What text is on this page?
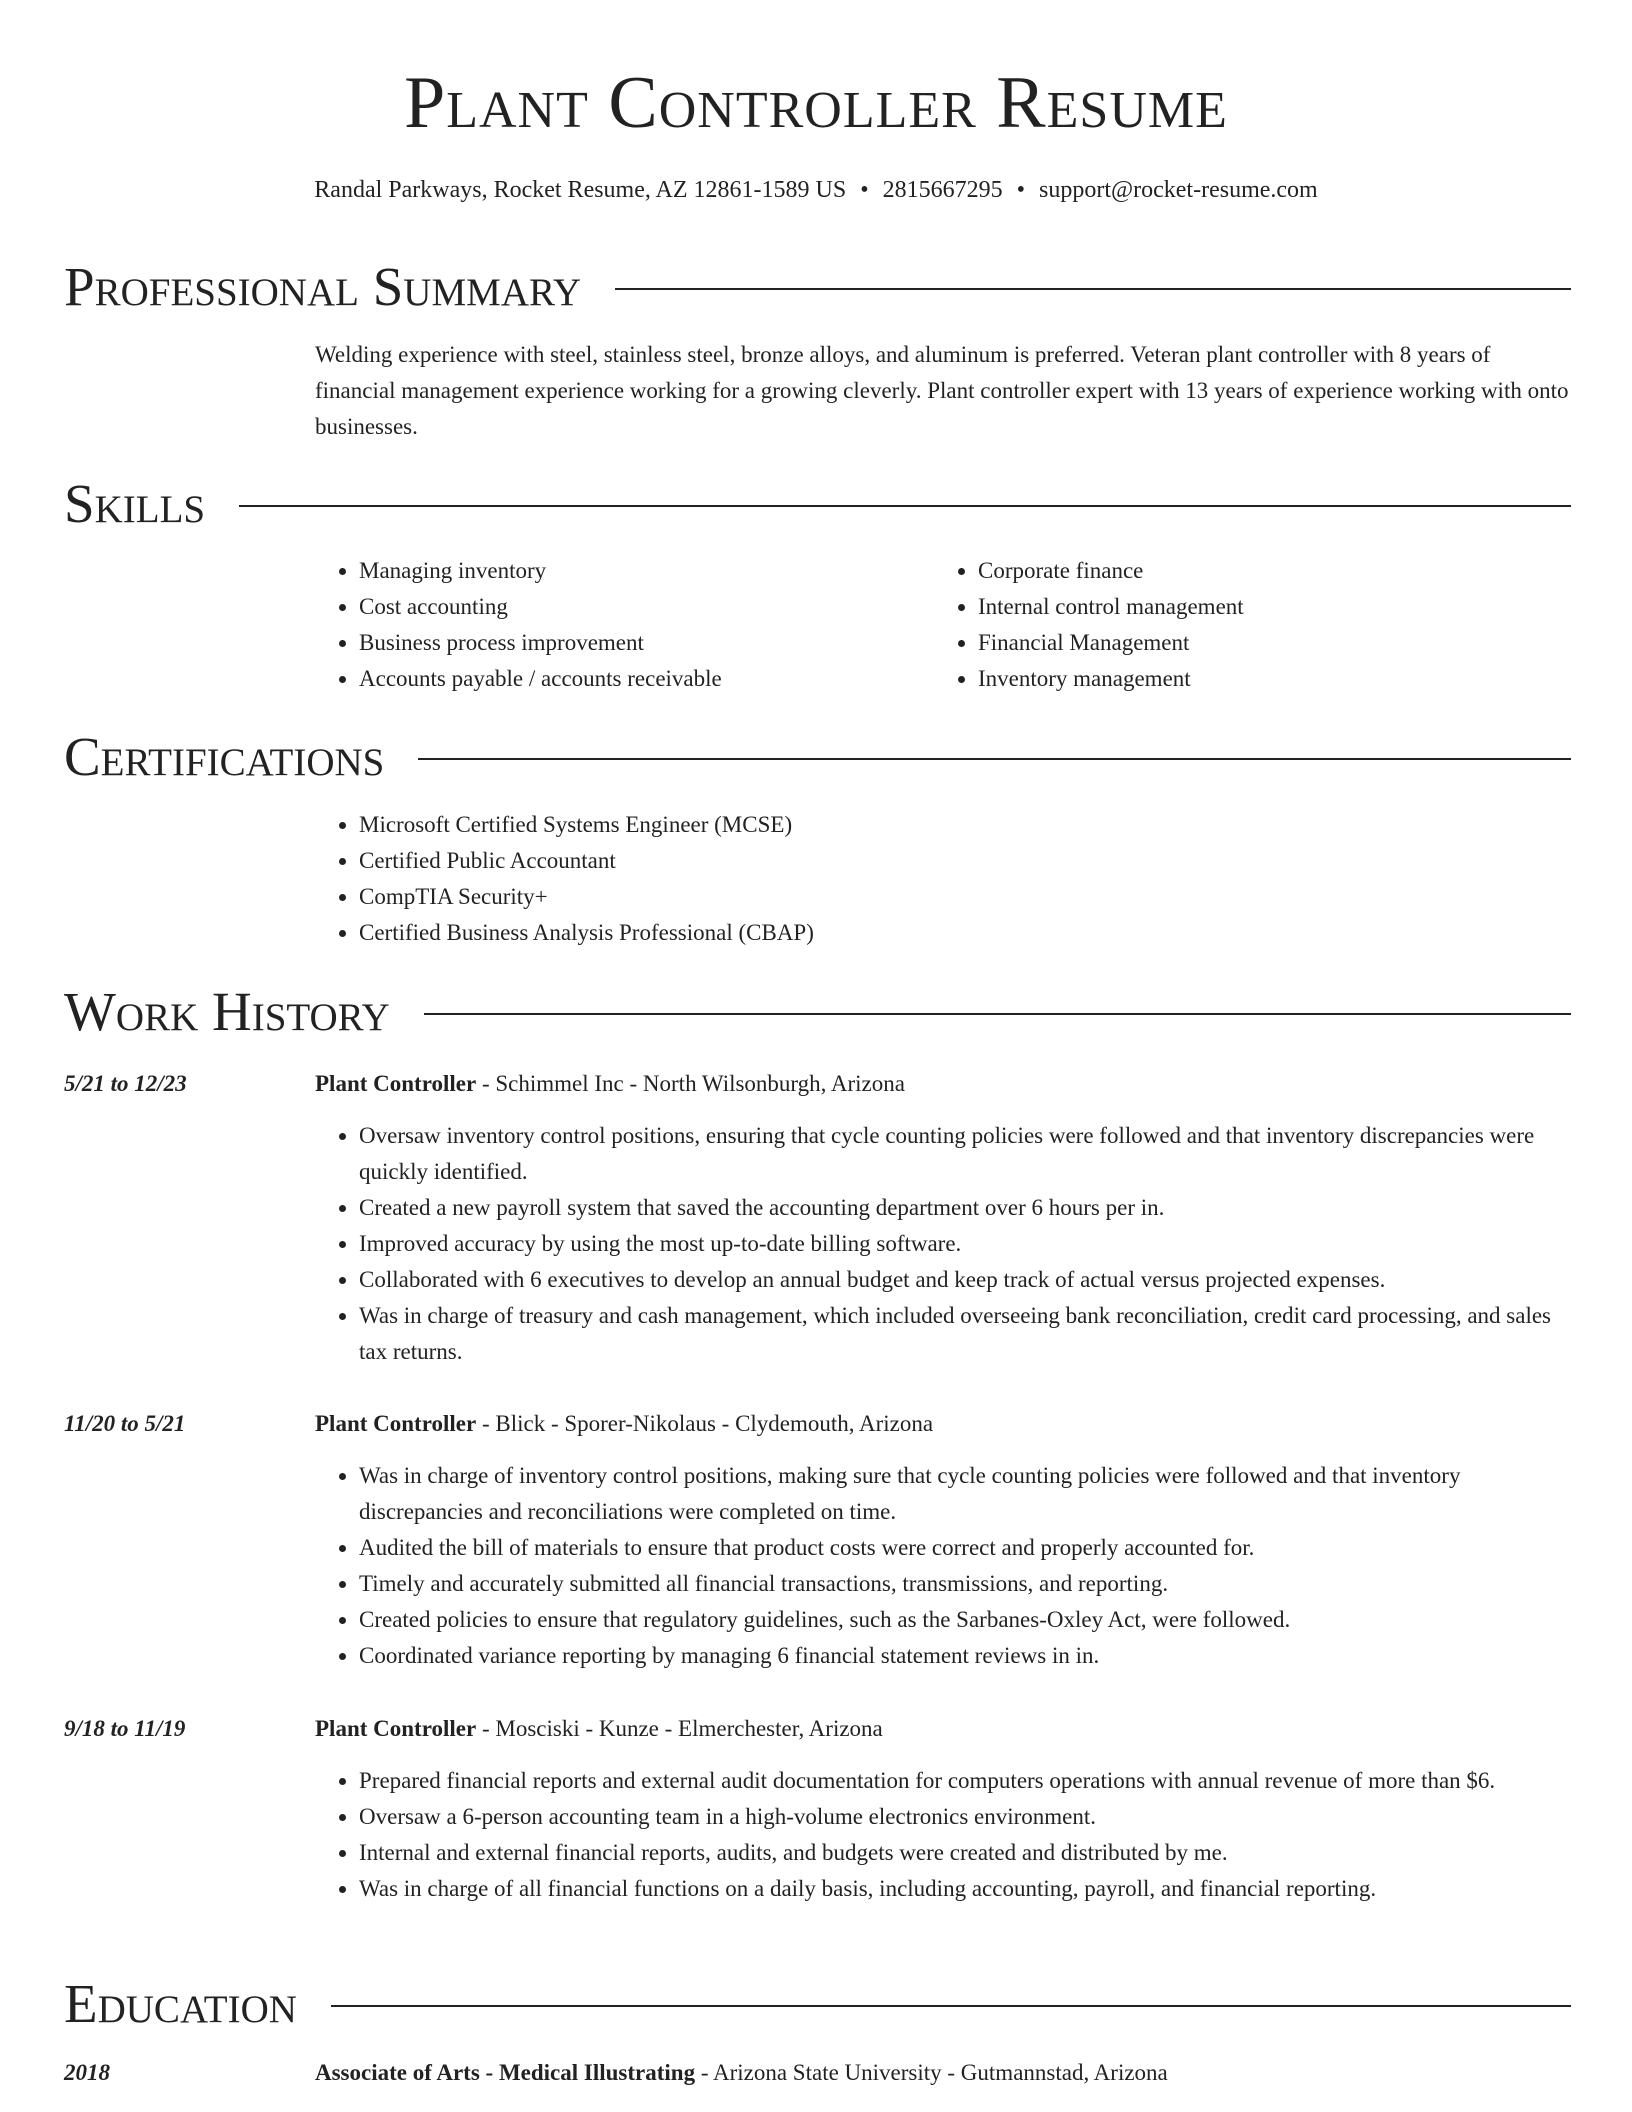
Plant Controller Resume
Randal Parkways, Rocket Resume, AZ 12861-1589 US • 2815667295 • support@rocket-resume.com
Professional Summary
Welding experience with steel, stainless steel, bronze alloys, and aluminum is preferred. Veteran plant controller with 8 years of financial management experience working for a growing cleverly. Plant controller expert with 13 years of experience working with onto businesses.
Skills
• Managing inventory
• Cost accounting
• Business process improvement
• Accounts payable / accounts receivable
• Corporate finance
• Internal control management
• Financial Management
• Inventory management
Certifications
• Microsoft Certified Systems Engineer (MCSE)
• Certified Public Accountant
• CompTIA Security+
• Certified Business Analysis Professional (CBAP)
Work History
5/21 to 12/23	Plant Controller - Schimmel Inc - North Wilsonburgh, Arizona
• Oversaw inventory control positions, ensuring that cycle counting policies were followed and that inventory discrepancies were quickly identified.
• Created a new payroll system that saved the accounting department over 6 hours per in.
• Improved accuracy by using the most up-to-date billing software.
• Collaborated with 6 executives to develop an annual budget and keep track of actual versus projected expenses.
• Was in charge of treasury and cash management, which included overseeing bank reconciliation, credit card processing, and sales tax returns.
11/20 to 5/21	Plant Controller - Blick - Sporer-Nikolaus - Clydemouth, Arizona
• Was in charge of inventory control positions, making sure that cycle counting policies were followed and that inventory discrepancies and reconciliations were completed on time.
• Audited the bill of materials to ensure that product costs were correct and properly accounted for.
• Timely and accurately submitted all financial transactions, transmissions, and reporting.
• Created policies to ensure that regulatory guidelines, such as the Sarbanes-Oxley Act, were followed.
• Coordinated variance reporting by managing 6 financial statement reviews in in.
9/18 to 11/19	Plant Controller - Mosciski - Kunze - Elmerchester, Arizona
• Prepared financial reports and external audit documentation for computers operations with annual revenue of more than $6.
• Oversaw a 6-person accounting team in a high-volume electronics environment.
• Internal and external financial reports, audits, and budgets were created and distributed by me.
• Was in charge of all financial functions on a daily basis, including accounting, payroll, and financial reporting.
Education
2018	Associate of Arts - Medical Illustrating - Arizona State University - Gutmannstad, Arizona
